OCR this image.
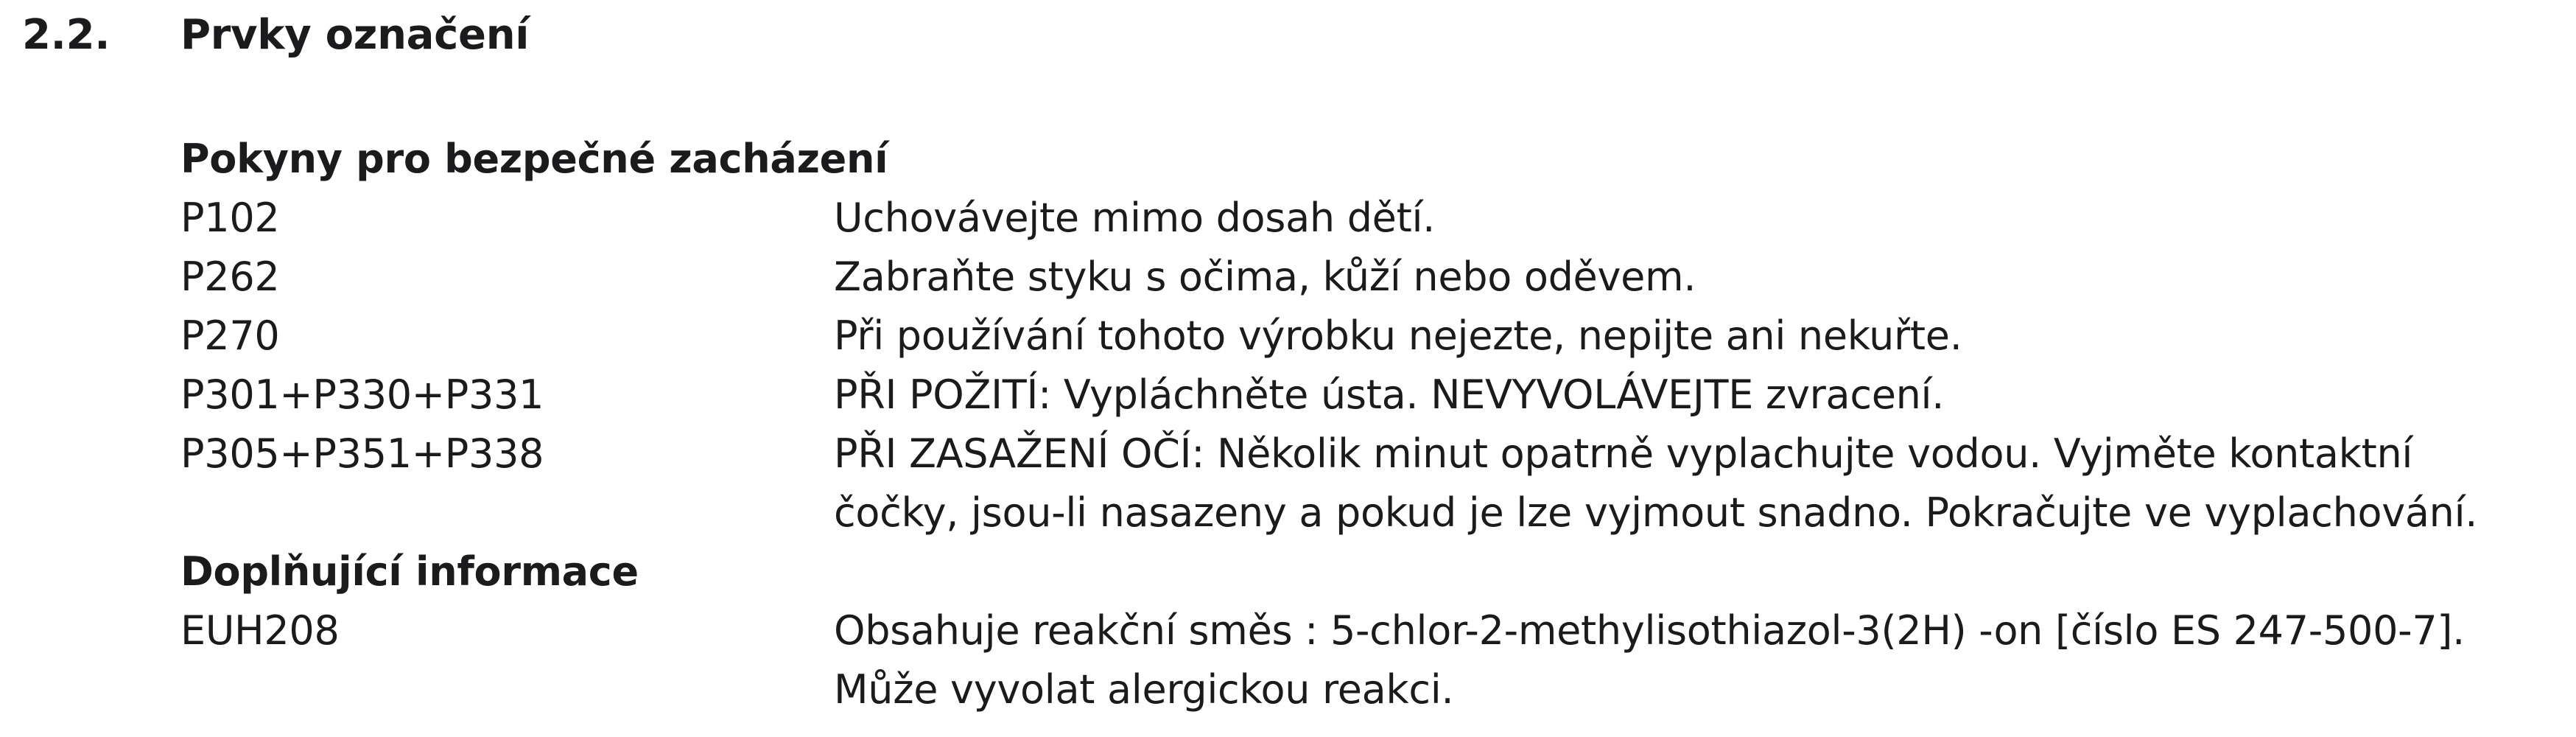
2.2.	Prvky označení
Pokyny pro bezpečné zacházení
P102	Uchovávejte mimo dosah dětí.
P262	Zabraňte styku s očima, kůží nebo oděvem.
P270	Při používání tohoto výrobku nejezte, nepijte ani nekuřte.
P301+P330+P331	PŘI POŽITÍ: Vypláchněte ústa. NEVYVOLÁVEJTE zvracení.
P305+P351+P338	PŘI ZASAŽENÍ OČÍ: Několik minut opatrně vyplachujte vodou. Vyjměte kontaktní čočky, jsou-li nasazeny a pokud je lze vyjmout snadno. Pokračujte ve vyplachování.
Doplňující informace
EUH208	Obsahuje reakční směs : 5-chlor-2-methylisothiazol-3(2H) -on [číslo ES 247-500-7]. Může vyvolat alergickou reakci.
